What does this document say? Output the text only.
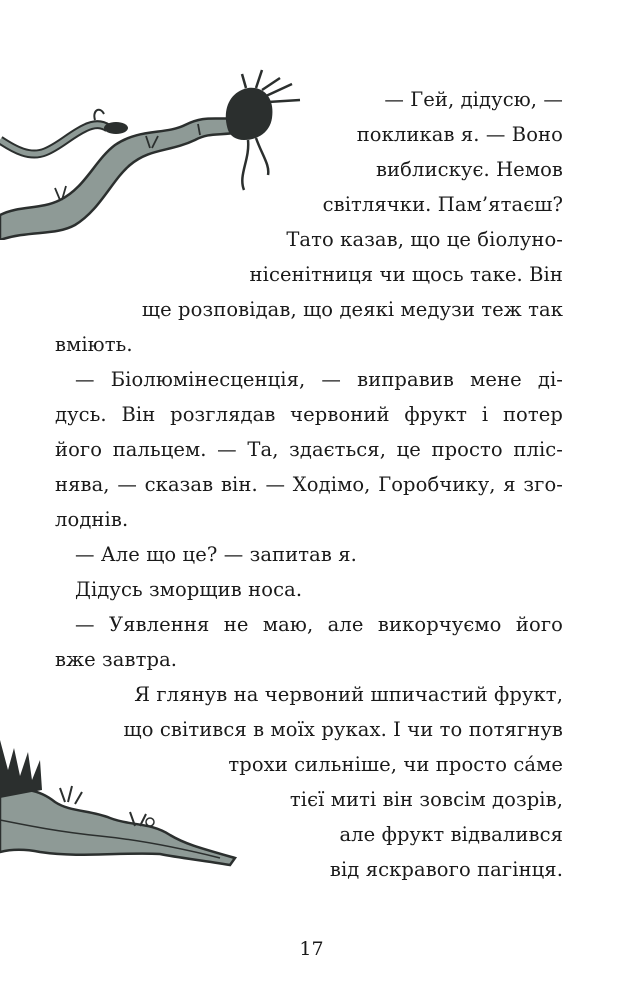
— Гей, дідусю, —
покликав я. — Воно
виблискує. Немов
світлячки. Пам’ятаєш?
Тато казав, що це біолуно-
нісенітниця чи щось таке. Він
ще розповідав, що деякі медузи теж так
вміють.
— Біолюмінесценція, — виправив мене ді-
дусь. Він розглядав червоний фрукт і потер
його пальцем. — Та, здається, це просто пліс-
нява, — сказав він. — Ходімо, Горобчику, я зго-
лоднів.
— Але що це? — запитав я.
Дідусь зморщив носа.
— Уявлення не маю, але викорчуємо його
вже завтра.
Я глянув на червоний шпичастий фрукт,
що світився в моїх руках. І чи то потягнув
трохи сильніше, чи просто са́ме
тієї миті він зовсім дозрів,
але фрукт відвалився
від яскравого пагінця.
17
